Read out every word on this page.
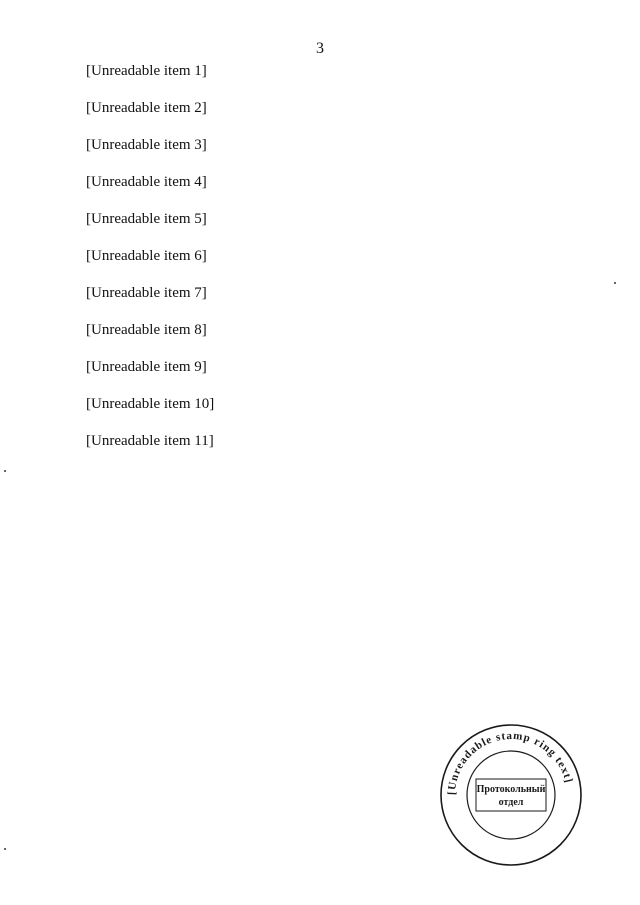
3

[Unreadable item 1]

[Unreadable item 2]

[Unreadable item 3]

[Unreadable item 4]

[Unreadable item 5]

[Unreadable item 6]

[Unreadable item 7]

[Unreadable item 8]

[Unreadable item 9]

[Unreadable item 10]

[Unreadable item 11]

[Unreadable stamp ring text]
Протокольный
отдел
